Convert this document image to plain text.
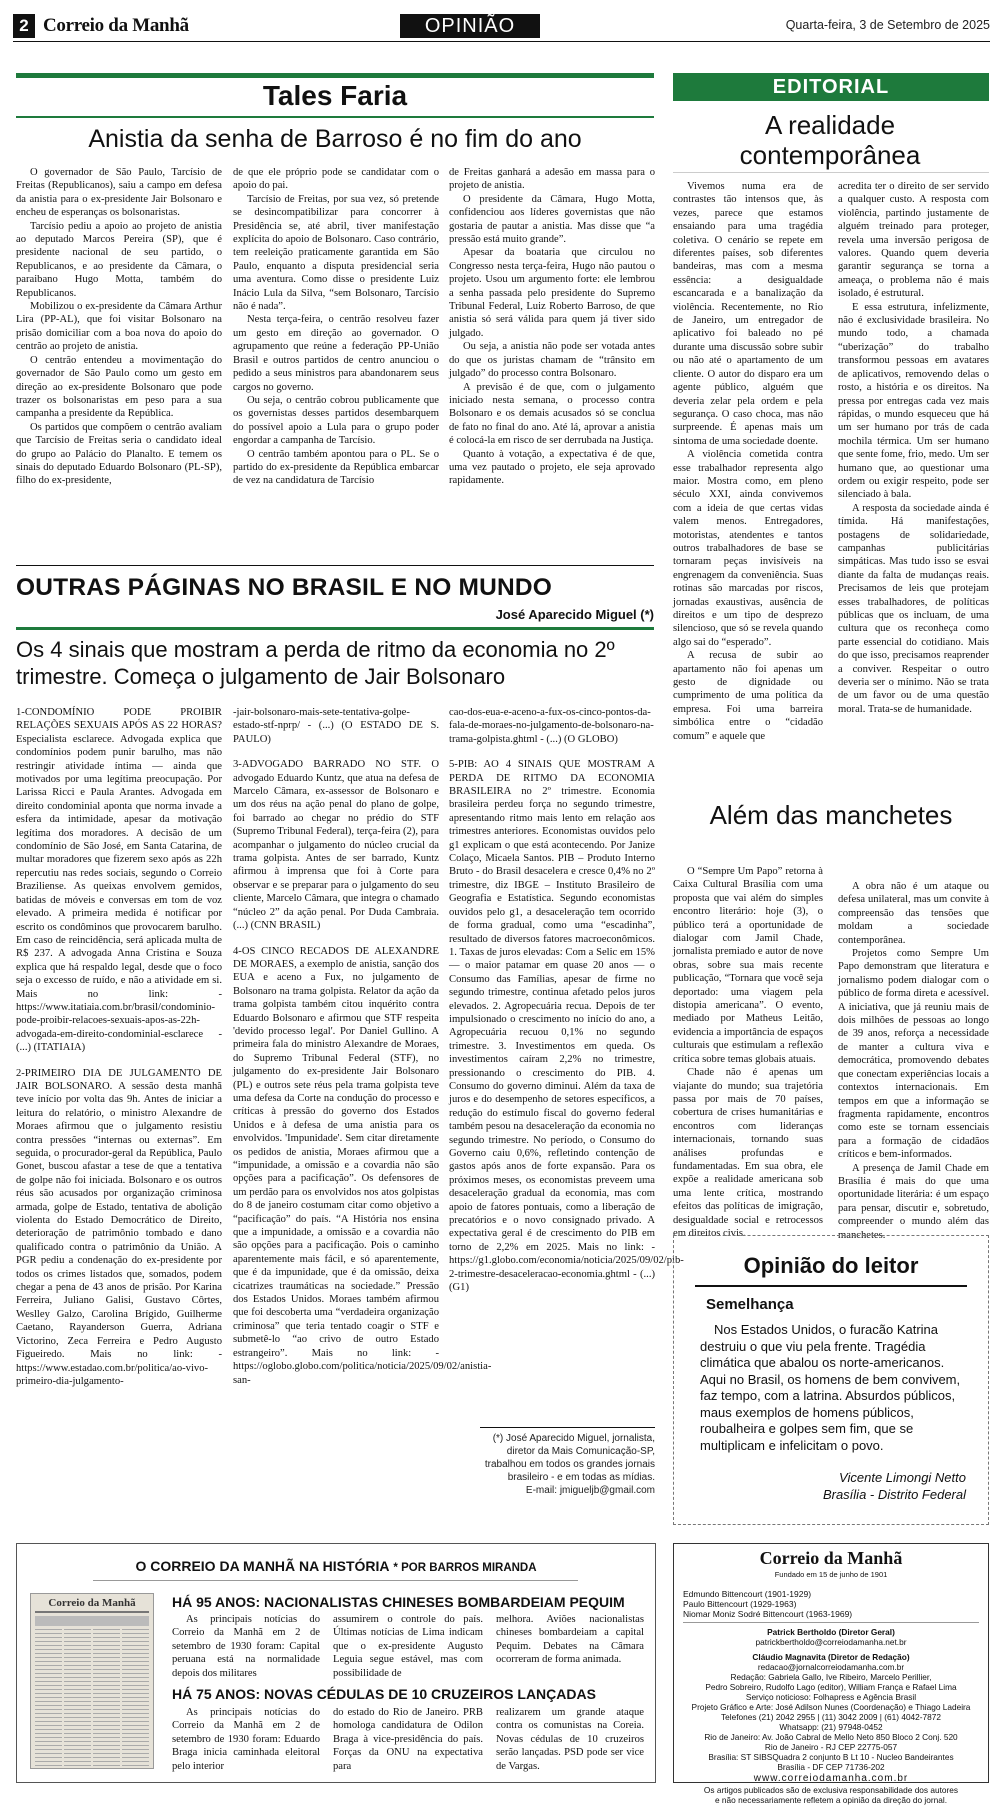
2 Correio da Manhã	OPINIÃO	Quarta-feira, 3 de Setembro de 2025
Tales Faria
Anistia da senha de Barroso é no fim do ano

O governador de São Paulo, Tarcísio de Freitas (Republicanos), saiu a campo em defesa da anistia para o ex-presidente Jair Bolsonaro e encheu de esperanças os bolsonaristas.

Tarcísio pediu a apoio ao projeto de anistia ao deputado Marcos Pereira (SP), que é presidente nacional de seu partido, o Republicanos, e ao presidente da Câmara, o paraibano Hugo Motta, também do Republicanos.

Mobilizou o ex-presidente da Câmara Arthur Lira (PP-AL), que foi visitar Bolsonaro na prisão domiciliar com a boa nova do apoio do centrão ao projeto de anistia.

O centrão entendeu a movimentação do governador de São Paulo como um gesto em direção ao ex-presidente Bolsonaro que pode trazer os bolsonaristas em peso para a sua campanha a presidente da República.

Os partidos que compõem o centrão avaliam que Tarcísio de Freitas seria o candidato ideal do grupo ao Palácio do Planalto. E temem os sinais do deputado Eduardo Bolsonaro (PL-SP), filho do ex-presidente,

de que ele próprio pode se candidatar com o apoio do pai.

Tarcísio de Freitas, por sua vez, só pretende se desincompatibilizar para concorrer à Presidência se, até abril, tiver manifestação explícita do apoio de Bolsonaro. Caso contrário, tem reeleição praticamente garantida em São Paulo, enquanto a disputa presidencial seria uma aventura. Como disse o presidente Luiz Inácio Lula da Silva, “sem Bolsonaro, Tarcísio não é nada”.

Nesta terça-feira, o centrão resolveu fazer um gesto em direção ao governador. O agrupamento que reúne a federação PP-União Brasil e outros partidos de centro anunciou o pedido a seus ministros para abandonarem seus cargos no governo.

Ou seja, o centrão cobrou publicamente que os governistas desses partidos desembarquem do possível apoio a Lula para o grupo poder engordar a campanha de Tarcísio.

O centrão também apontou para o PL. Se o partido do ex-presidente da República embarcar de vez na candidatura de Tarcísio

de Freitas ganhará a adesão em massa para o projeto de anistia.

O presidente da Câmara, Hugo Motta, confidenciou aos líderes governistas que não gostaria de pautar a anistia. Mas disse que “a pressão está muito grande”.

Apesar da boataria que circulou no Congresso nesta terça-feira, Hugo não pautou o projeto. Usou um argumento forte: ele lembrou a senha passada pelo presidente do Supremo Tribunal Federal, Luiz Roberto Barroso, de que anistia só será válida para quem já tiver sido julgado.

Ou seja, a anistia não pode ser votada antes do que os juristas chamam de “trânsito em julgado” do processo contra Bolsonaro.

A previsão é de que, com o julgamento iniciado nesta semana, o processo contra Bolsonaro e os demais acusados só se conclua de fato no final do ano. Até lá, aprovar a anistia é colocá-la em risco de ser derrubada na Justiça.

Quanto à votação, a expectativa é de que, uma vez pautado o projeto, ele seja aprovado rapidamente.

OUTRAS PÁGINAS NO BRASIL E NO MUNDO
José Aparecido Miguel (*)
Os 4 sinais que mostram a perda de ritmo da economia no 2º trimestre. Começa o julgamento de Jair Bolsonaro

1-CONDOMÍNIO PODE PROIBIR RELAÇÕES SEXUAIS APÓS AS 22 HORAS? Especialista esclarece. Advogada explica que condomínios podem punir barulho, mas não restringir atividade íntima — ainda que motivados por uma legítima preocupação. Por Larissa Ricci e Paula Arantes. Advogada em direito condominial aponta que norma invade a esfera da intimidade, apesar da motivação legítima dos moradores. A decisão de um condomínio de São José, em Santa Catarina, de multar moradores que fizerem sexo após as 22h repercutiu nas redes sociais, segundo o Correio Braziliense. As queixas envolvem gemidos, batidas de móveis e conversas em tom de voz elevado. A primeira medida é notificar por escrito os condôminos que provocarem barulho. Em caso de reincidência, será aplicada multa de R$ 237. A advogada Anna Cristina e Souza explica que há respaldo legal, desde que o foco seja o excesso de ruído, e não a atividade em si. Mais no link: - https://www.itatiaia.com.br/brasil/condominio-pode-proibir-relacoes-sexuais-apos-as-22h-advogada-em-direito-condominial-esclarece - (...) (ITATIAIA)

2-PRIMEIRO DIA DE JULGAMENTO DE JAIR BOLSONARO. A sessão desta manhã teve início por volta das 9h. Antes de iniciar a leitura do relatório, o ministro Alexandre de Moraes afirmou que o julgamento resistiu contra pressões “internas ou externas”. Em seguida, o procurador-geral da República, Paulo Gonet, buscou afastar a tese de que a tentativa de golpe não foi iniciada. Bolsonaro e os outros réus são acusados por organização criminosa armada, golpe de Estado, tentativa de abolição violenta do Estado Democrático de Direito, deterioração de patrimônio tombado e dano qualificado contra o patrimônio da União. A PGR pediu a condenação do ex-presidente por todos os crimes listados que, somados, podem chegar a pena de 43 anos de prisão. Por Karina Ferreira, Juliano Galisi, Gustavo Côrtes, Weslley Galzo, Carolina Brígido, Guilherme Caetano, Rayanderson Guerra, Adriana Victorino, Zeca Ferreira e Pedro Augusto Figueiredo. Mais no link: - https://www.estadao.com.br/politica/ao-vivo-primeiro-dia-julgamento-

-jair-bolsonaro-mais-sete-tentativa-golpe-estado-stf-nprp/ - (...) (O ESTADO DE S. PAULO)

3-ADVOGADO BARRADO NO STF. O advogado Eduardo Kuntz, que atua na defesa de Marcelo Câmara, ex-assessor de Bolsonaro e um dos réus na ação penal do plano de golpe, foi barrado ao chegar no prédio do STF (Supremo Tribunal Federal), terça-feira (2), para acompanhar o julgamento do núcleo crucial da trama golpista. Antes de ser barrado, Kuntz afirmou à imprensa que foi à Corte para observar e se preparar para o julgamento do seu cliente, Marcelo Câmara, que integra o chamado “núcleo 2” da ação penal. Por Duda Cambraia. (...) (CNN BRASIL)

4-OS CINCO RECADOS DE ALEXANDRE DE MORAES, a exemplo de anistia, sanção dos EUA e aceno a Fux, no julgamento de Bolsonaro na trama golpista. Relator da ação da trama golpista também citou inquérito contra Eduardo Bolsonaro e afirmou que STF respeita 'devido processo legal'. Por Daniel Gullino. A primeira fala do ministro Alexandre de Moraes, do Supremo Tribunal Federal (STF), no julgamento do ex-presidente Jair Bolsonaro (PL) e outros sete réus pela trama golpista teve uma defesa da Corte na condução do processo e críticas à pressão do governo dos Estados Unidos e à defesa de uma anistia para os envolvidos. 'Impunidade'. Sem citar diretamente os pedidos de anistia, Moraes afirmou que a “impunidade, a omissão e a covardia não são opções para a pacificação”. Os defensores de um perdão para os envolvidos nos atos golpistas do 8 de janeiro costumam citar como objetivo a “pacificação” do país. “A História nos ensina que a impunidade, a omissão e a covardia não são opções para a pacificação. Pois o caminho aparentemente mais fácil, e só aparentemente, que é da impunidade, que é da omissão, deixa cicatrizes traumáticas na sociedade.” Pressão dos Estados Unidos. Moraes também afirmou que foi descoberta uma “verdadeira organização criminosa” que teria tentado coagir o STF e submetê-lo “ao crivo de outro Estado estrangeiro”. Mais no link: - https://oglobo.globo.com/politica/noticia/2025/09/02/anistia-san-

cao-dos-eua-e-aceno-a-fux-os-cinco-pontos-da-fala-de-moraes-no-julgamento-de-bolsonaro-na-trama-golpista.ghtml - (...) (O GLOBO)

5-PIB: AO 4 SINAIS QUE MOSTRAM A PERDA DE RITMO DA ECONOMIA BRASILEIRA no 2º trimestre. Economia brasileira perdeu força no segundo trimestre, apresentando ritmo mais lento em relação aos trimestres anteriores. Economistas ouvidos pelo g1 explicam o que está acontecendo. Por Janize Colaço, Micaela Santos. PIB – Produto Interno Bruto - do Brasil desacelera e cresce 0,4% no 2º trimestre, diz IBGE – Instituto Brasileiro de Geografia e Estatística. Segundo economistas ouvidos pelo g1, a desaceleração tem ocorrido de forma gradual, como uma “escadinha”, resultado de diversos fatores macroeconômicos. 1. Taxas de juros elevadas: Com a Selic em 15% — o maior patamar em quase 20 anos — o Consumo das Famílias, apesar de firme no segundo trimestre, continua afetado pelos juros elevados. 2. Agropecuária recua. Depois de ter impulsionado o crescimento no início do ano, a Agropecuária recuou 0,1% no segundo trimestre. 3. Investimentos em queda. Os investimentos caíram 2,2% no trimestre, pressionando o crescimento do PIB. 4. Consumo do governo diminui. Além da taxa de juros e do desempenho de setores específicos, a redução do estímulo fiscal do governo federal também pesou na desaceleração da economia no segundo trimestre. No período, o Consumo do Governo caiu 0,6%, refletindo contenção de gastos após anos de forte expansão. Para os próximos meses, os economistas preveem uma desaceleração gradual da economia, mas com apoio de fatores pontuais, como a liberação de precatórios e o novo consignado privado. A expectativa geral é de crescimento do PIB em torno de 2,2% em 2025. Mais no link: - https://g1.globo.com/economia/noticia/2025/09/02/pib-2-trimestre-desaceleracao-economia.ghtml - (...) (G1)

(*) José Aparecido Miguel, jornalista,
diretor da Mais Comunicação-SP,
trabalhou em todos os grandes jornais
brasileiro - e em todas as mídias.
E-mail: jmigueljb@gmail.com
EDITORIAL
A realidade contemporânea

Vivemos numa era de contrastes tão intensos que, às vezes, parece que estamos ensaiando para uma tragédia coletiva. O cenário se repete em diferentes países, sob diferentes bandeiras, mas com a mesma essência: a desigualdade escancarada e a banalização da violência. Recentemente, no Rio de Janeiro, um entregador de aplicativo foi baleado no pé durante uma discussão sobre subir ou não até o apartamento de um cliente. O autor do disparo era um agente público, alguém que deveria zelar pela ordem e pela segurança. O caso choca, mas não surpreende. É apenas mais um sintoma de uma sociedade doente.

A violência cometida contra esse trabalhador representa algo maior. Mostra como, em pleno século XXI, ainda convivemos com a ideia de que certas vidas valem menos. Entregadores, motoristas, atendentes e tantos outros trabalhadores de base se tornaram peças invisíveis na engrenagem da conveniência. Suas rotinas são marcadas por riscos, jornadas exaustivas, ausência de direitos e um tipo de desprezo silencioso, que só se revela quando algo sai do “esperado”.

A recusa de subir ao apartamento não foi apenas um gesto de dignidade ou cumprimento de uma política da empresa. Foi uma barreira simbólica entre o “cidadão comum” e aquele que

acredita ter o direito de ser servido a qualquer custo. A resposta com violência, partindo justamente de alguém treinado para proteger, revela uma inversão perigosa de valores. Quando quem deveria garantir segurança se torna a ameaça, o problema não é mais isolado, é estrutural.

E essa estrutura, infelizmente, não é exclusividade brasileira. No mundo todo, a chamada “uberização” do trabalho transformou pessoas em avatares de aplicativos, removendo delas o rosto, a história e os direitos. Na pressa por entregas cada vez mais rápidas, o mundo esqueceu que há um ser humano por trás de cada mochila térmica. Um ser humano que sente fome, frio, medo. Um ser humano que, ao questionar uma ordem ou exigir respeito, pode ser silenciado à bala.

A resposta da sociedade ainda é tímida. Há manifestações, postagens de solidariedade, campanhas publicitárias simpáticas. Mas tudo isso se esvai diante da falta de mudanças reais. Precisamos de leis que protejam esses trabalhadores, de políticas públicas que os incluam, de uma cultura que os reconheça como parte essencial do cotidiano. Mais do que isso, precisamos reaprender a conviver. Respeitar o outro deveria ser o mínimo. Não se trata de um favor ou de uma questão moral. Trata-se de humanidade.

Além das manchetes

O “Sempre Um Papo” retorna à Caixa Cultural Brasília com uma proposta que vai além do simples encontro literário: hoje (3), o público terá a oportunidade de dialogar com Jamil Chade, jornalista premiado e autor de nove obras, sobre sua mais recente publicação, “Tornara que você seja deportado: uma viagem pela distopia americana”. O evento, mediado por Matheus Leitão, evidencia a importância de espaços culturais que estimulam a reflexão crítica sobre temas globais atuais.

Chade não é apenas um viajante do mundo; sua trajetória passa por mais de 70 países, cobertura de crises humanitárias e encontros com lideranças internacionais, tornando suas análises profundas e fundamentadas. Em sua obra, ele expõe a realidade americana sob uma lente crítica, mostrando efeitos das políticas de imigração, desigualdade social e retrocessos em direitos civis.

A obra não é um ataque ou defesa unilateral, mas um convite à compreensão das tensões que moldam a sociedade contemporânea.

Projetos como Sempre Um Papo demonstram que literatura e jornalismo podem dialogar com o público de forma direta e acessível. A iniciativa, que já reuniu mais de dois milhões de pessoas ao longo de 39 anos, reforça a necessidade de manter a cultura viva e democrática, promovendo debates que conectam experiências locais a contextos internacionais. Em tempos em que a informação se fragmenta rapidamente, encontros como este se tornam essenciais para a formação de cidadãos críticos e bem-informados.

A presença de Jamil Chade em Brasília é mais do que uma oportunidade literária: é um espaço para pensar, discutir e, sobretudo, compreender o mundo além das manchetes.

Opinião do leitor
Semelhança
Nos Estados Unidos, o furacão Katrina destruiu o que viu pela frente. Tragédia climática que abalou os norte-americanos. Aqui no Brasil, os homens de bem convivem, faz tempo, com a latrina. Absurdos públicos, maus exemplos de homens públicos, roubalheira e golpes sem fim, que se multiplicam e infelicitam o povo.
Vicente Limongi Netto
Brasília - Distrito Federal
O CORREIO DA MANHÃ NA HISTÓRIA * POR BARROS MIRANDA
Correio da Manhã	HÁ 95 ANOS: NACIONALISTAS CHINESES BOMBARDEIAM PEQUIM

As principais notícias do Correio da Manhã em 2 de setembro de 1930 foram: Capital peruana está na normalidade depois dos militares

assumirem o controle do país. Últimas notícias de Lima indicam que o ex-presidente Augusto Leguia segue estável, mas com possibilidade de

melhora. Aviões nacionalistas chineses bombardeiam a capital Pequim. Debates na Câmara ocorreram de forma animada.

HÁ 75 ANOS: NOVAS CÉDULAS DE 10 CRUZEIROS LANÇADAS

As principais notícias do Correio da Manhã em 2 de setembro de 1930 foram: Eduardo Braga inicia caminhada eleitoral pelo interior

do estado do Rio de Janeiro. PRB homologa candidatura de Odilon Braga à vice-presidência do país. Forças da ONU na expectativa para

realizarem um grande ataque contra os comunistas na Coreia. Novas cédulas de 10 cruzeiros serão lançadas. PSD pode ser vice de Vargas.

Correio da Manhã
Fundado em 15 de junho de 1901
Edmundo Bittencourt (1901-1929)
Paulo Bittencourt (1929-1963)
Niomar Moniz Sodré Bittencourt (1963-1969)
Patrick Bertholdo (Diretor Geral)
patrickbertholdo@correiodamanha.net.br
Cláudio Magnavita (Diretor de Redação)
redacao@jornalcorreiodamanha.com.br
Redação: Gabriela Gallo, Ive Ribeiro, Marcelo Perillier,
Pedro Sobreiro, Rudolfo Lago (editor), William França e Rafael Lima
Serviço noticioso: Folhapress e Agência Brasil
Projeto Gráfico e Arte: José Adilson Nunes (Coordenação) e Thiago Ladeira
Telefones (21) 2042 2955 | (11) 3042 2009 | (61) 4042-7872
Whatsapp: (21) 97948-0452
Rio de Janeiro: Av. João Cabral de Mello Neto 850 Bloco 2 Conj. 520
Rio de Janeiro - RJ CEP 22775-057
Brasília: ST SIBSQuadra 2 conjunto B Lt 10 - Nucleo Bandeirantes
Brasília - DF CEP 71736-202
www.correiodamanha.com.br
Os artigos publicados são de exclusiva responsabilidade dos autores
e não necessariamente refletem a opinião da direção do jornal.
